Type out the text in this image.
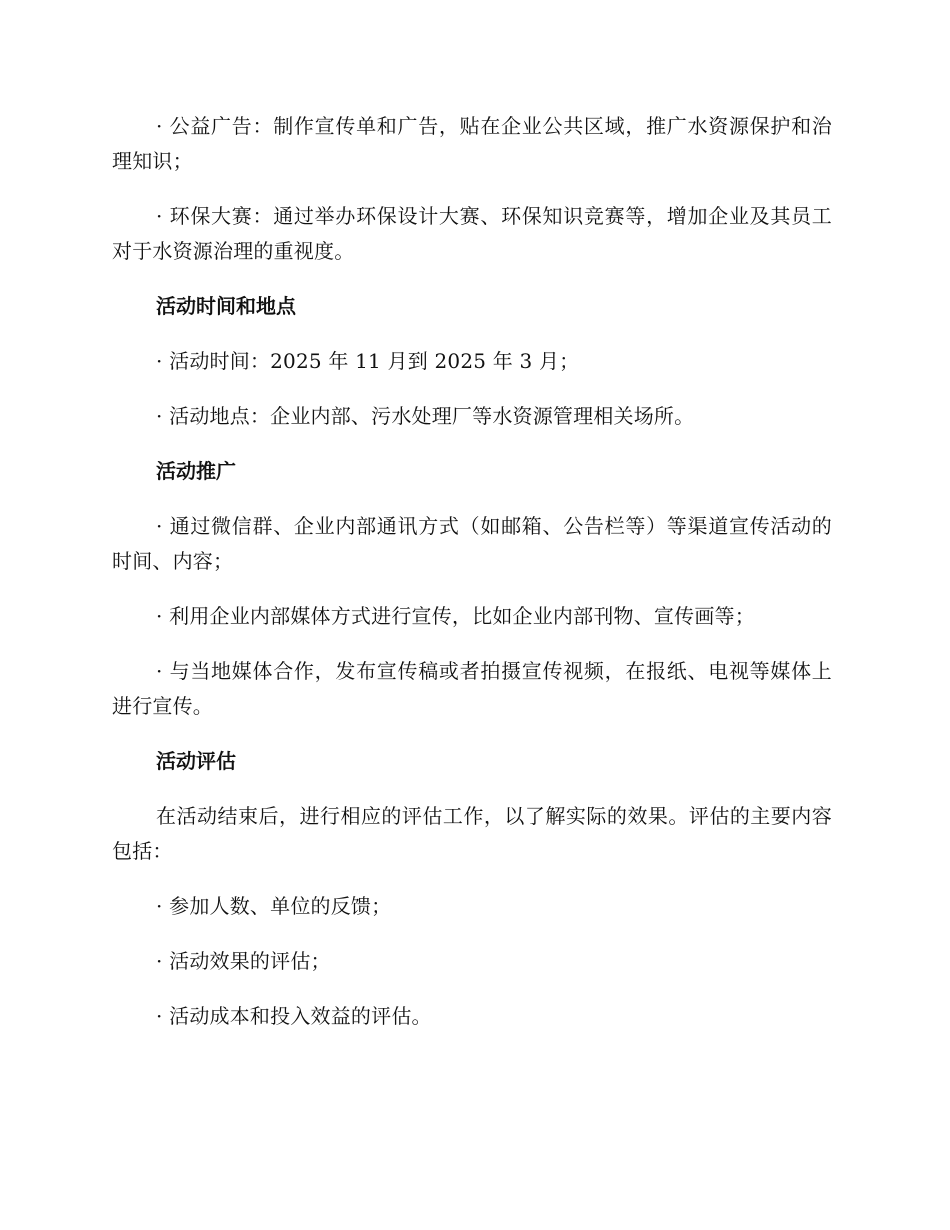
· 公益广告：制作宣传单和广告，贴在企业公共区域，推广水资源保护和治理知识；

· 环保大赛：通过举办环保设计大赛、环保知识竞赛等，增加企业及其员工对于水资源治理的重视度。

活动时间和地点

· 活动时间：2025 年 11 月到 2025 年 3 月；

· 活动地点：企业内部、污水处理厂等水资源管理相关场所。

活动推广

· 通过微信群、企业内部通讯方式（如邮箱、公告栏等）等渠道宣传活动的时间、内容；

· 利用企业内部媒体方式进行宣传，比如企业内部刊物、宣传画等；

· 与当地媒体合作，发布宣传稿或者拍摄宣传视频，在报纸、电视等媒体上进行宣传。

活动评估

在活动结束后，进行相应的评估工作，以了解实际的效果。评估的主要内容包括：

· 参加人数、单位的反馈；

· 活动效果的评估；

· 活动成本和投入效益的评估。
